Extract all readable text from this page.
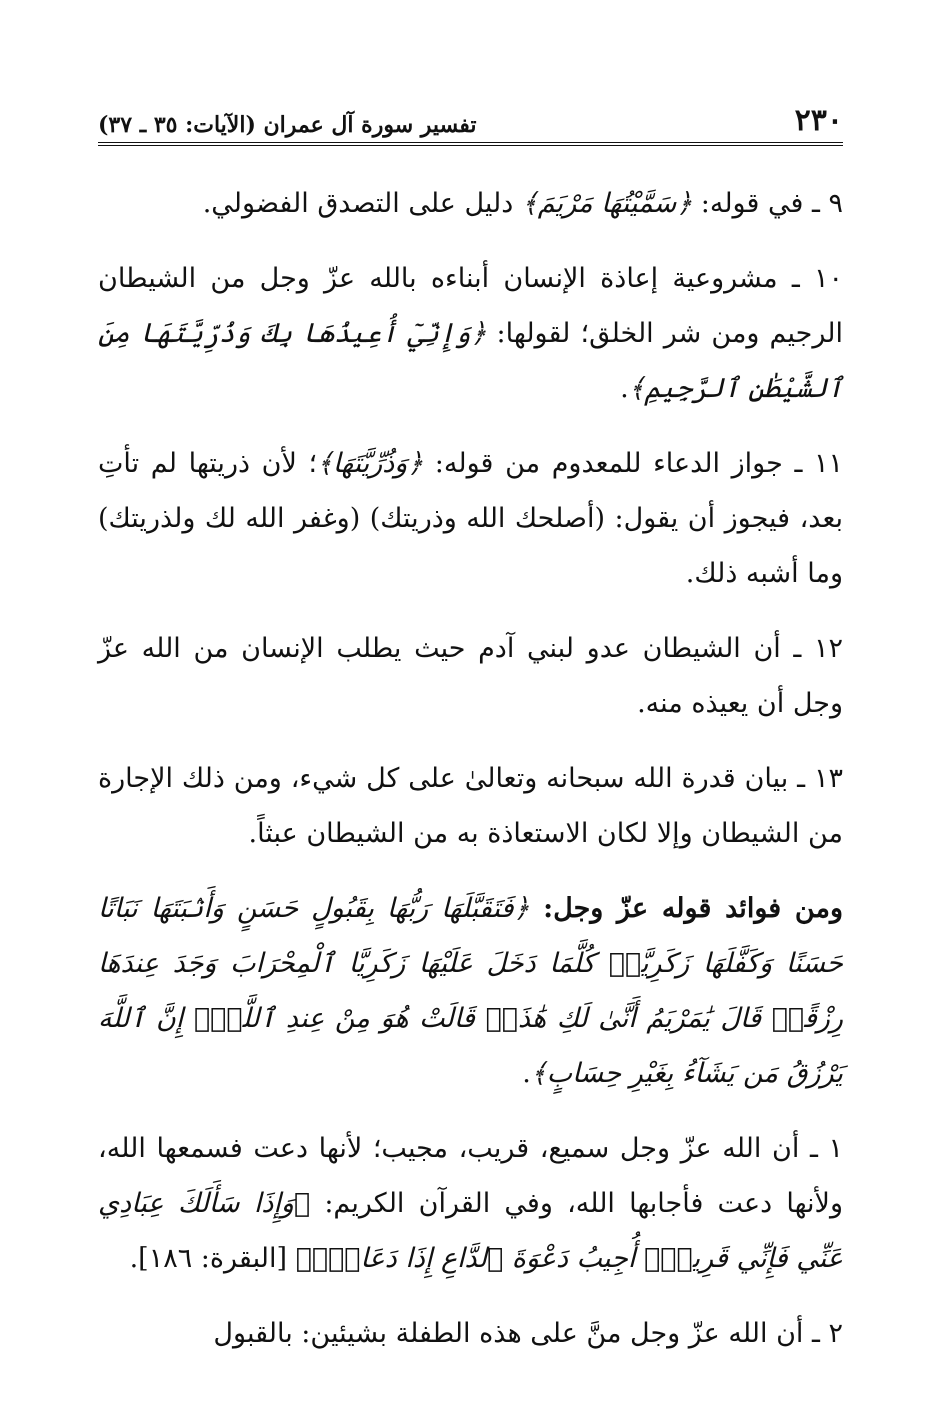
٢٣٠
تفسير سورة آل عمران (الآيات: ٣٥ ـ ٣٧)

٩ ـ في قوله: ﴿سَمَّيْتُهَا مَرْيَمَ﴾ دليل على التصدق الفضولي.

١٠ ـ مشروعية إعاذة الإنسان أبناءه بالله عزّ وجل من الشيطان الرجيم ومن شر الخلق؛ لقولها: ﴿وَإِنِّيٓ أُعِيذُهَا بِكَ وَذُرِّيَّتَهَا مِنَ ٱلشَّيْطَٰنِ ٱلرَّجِيمِ﴾.

١١ ـ جواز الدعاء للمعدوم من قوله: ﴿وَذُرِّيَّتَهَا﴾؛ لأن ذريتها لم تأتِ بعد، فيجوز أن يقول: (أصلحك الله وذريتك) (وغفر الله لك ولذريتك) وما أشبه ذلك.

١٢ ـ أن الشيطان عدو لبني آدم حيث يطلب الإنسان من الله عزّ وجل أن يعيذه منه.

١٣ ـ بيان قدرة الله سبحانه وتعالىٰ على كل شيء، ومن ذلك الإجارة من الشيطان وإلا لكان الاستعاذة به من الشيطان عبثاً.

ومن فوائد قوله عزّ وجل: ﴿فَتَقَبَّلَهَا رَبُّهَا بِقَبُولٍ حَسَنٍ وَأَنۢبَتَهَا نَبَاتًا حَسَنًا وَكَفَّلَهَا زَكَرِيَّاۖ كُلَّمَا دَخَلَ عَلَيْهَا زَكَرِيَّا ٱلْمِحْرَابَ وَجَدَ عِندَهَا رِزْقًاۖ قَالَ يَٰمَرْيَمُ أَنَّىٰ لَكِ هَٰذَاۖ قَالَتْ هُوَ مِنْ عِندِ ٱللَّهِۖ إِنَّ ٱللَّهَ يَرْزُقُ مَن يَشَآءُ بِغَيْرِ حِسَابٍ﴾.

١ ـ أن الله عزّ وجل سميع، قريب، مجيب؛ لأنها دعت فسمعها الله، ولأنها دعت فأجابها الله، وفي القرآن الكريم: ﴿وَإِذَا سَأَلَكَ عِبَادِي عَنِّي فَإِنِّي قَرِيبٌۖ أُجِيبُ دَعْوَةَ ٱلدَّاعِ إِذَا دَعَانِۖ﴾ [البقرة: ١٨٦].

٢ ـ أن الله عزّ وجل منَّ على هذه الطفلة بشيئين: بالقبول
